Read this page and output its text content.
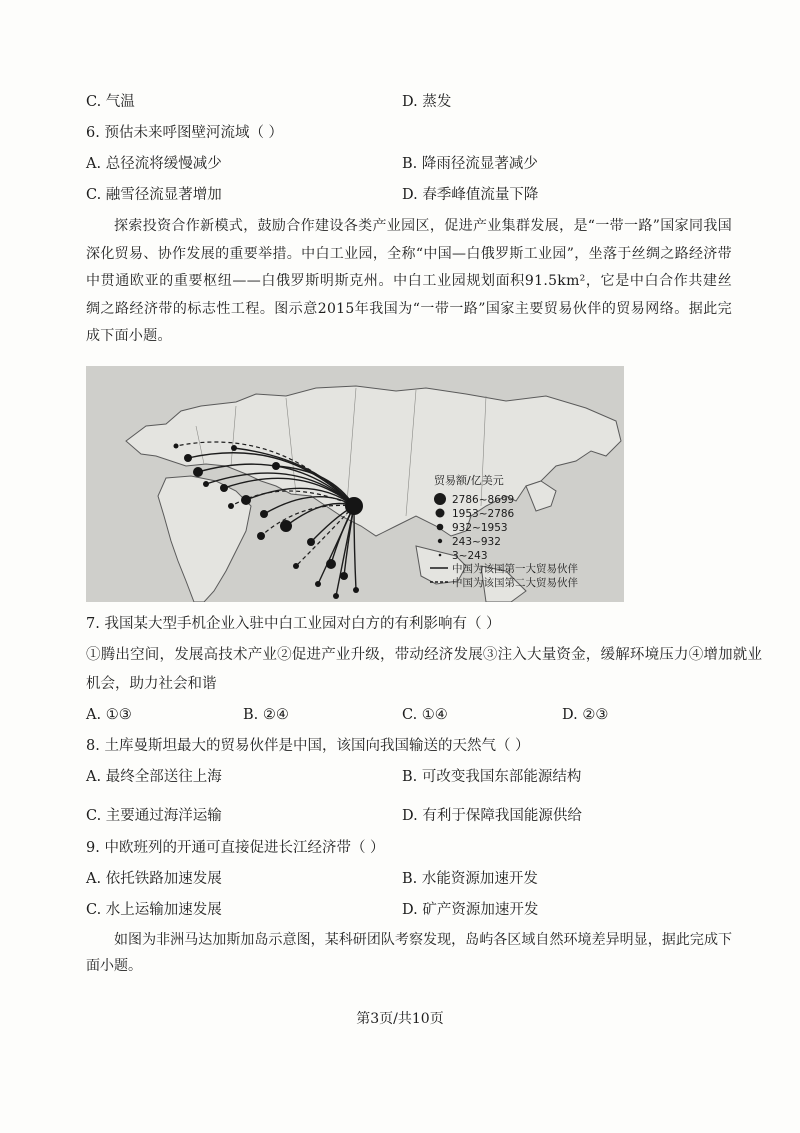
C. 气温	D. 蒸发
6. 预估未来呼图壁河流域（ ）
A. 总径流将缓慢减少	B. 降雨径流显著减少
C. 融雪径流显著增加	D. 春季峰值流量下降
探索投资合作新模式，鼓励合作建设各类产业园区，促进产业集群发展，是“一带一路”国家同我国深化贸易、协作发展的重要举措。中白工业园，全称“中国—白俄罗斯工业园”，坐落于丝绸之路经济带中贯通欧亚的重要枢纽——白俄罗斯明斯克州。中白工业园规划面积91.5km²，它是中白合作共建丝绸之路经济带的标志性工程。图示意2015年我国为“一带一路”国家主要贸易伙伴的贸易网络。据此完成下面小题。
贸易额/亿美元
2786~8699
1953~2786
932~1953
243~932
3~243
中国为该国第一大贸易伙伴
中国为该国第二大贸易伙伴
7. 我国某大型手机企业入驻中白工业园对白方的有利影响有（ ）
①腾出空间，发展高技术产业②促进产业升级，带动经济发展③注入大量资金，缓解环境压力④增加就业
机会，助力社会和谐
A. ①③	B. ②④	C. ①④	D. ②③
8. 土库曼斯坦最大的贸易伙伴是中国，该国向我国输送的天然气（ ）
A. 最终全部送往上海	B. 可改变我国东部能源结构
C. 主要通过海洋运输	D. 有利于保障我国能源供给
9. 中欧班列的开通可直接促进长江经济带（ ）
A. 依托铁路加速发展	B. 水能资源加速开发
C. 水上运输加速发展	D. 矿产资源加速开发
如图为非洲马达加斯加岛示意图，某科研团队考察发现，岛屿各区域自然环境差异明显，据此完成下面小题。
第3页/共10页
